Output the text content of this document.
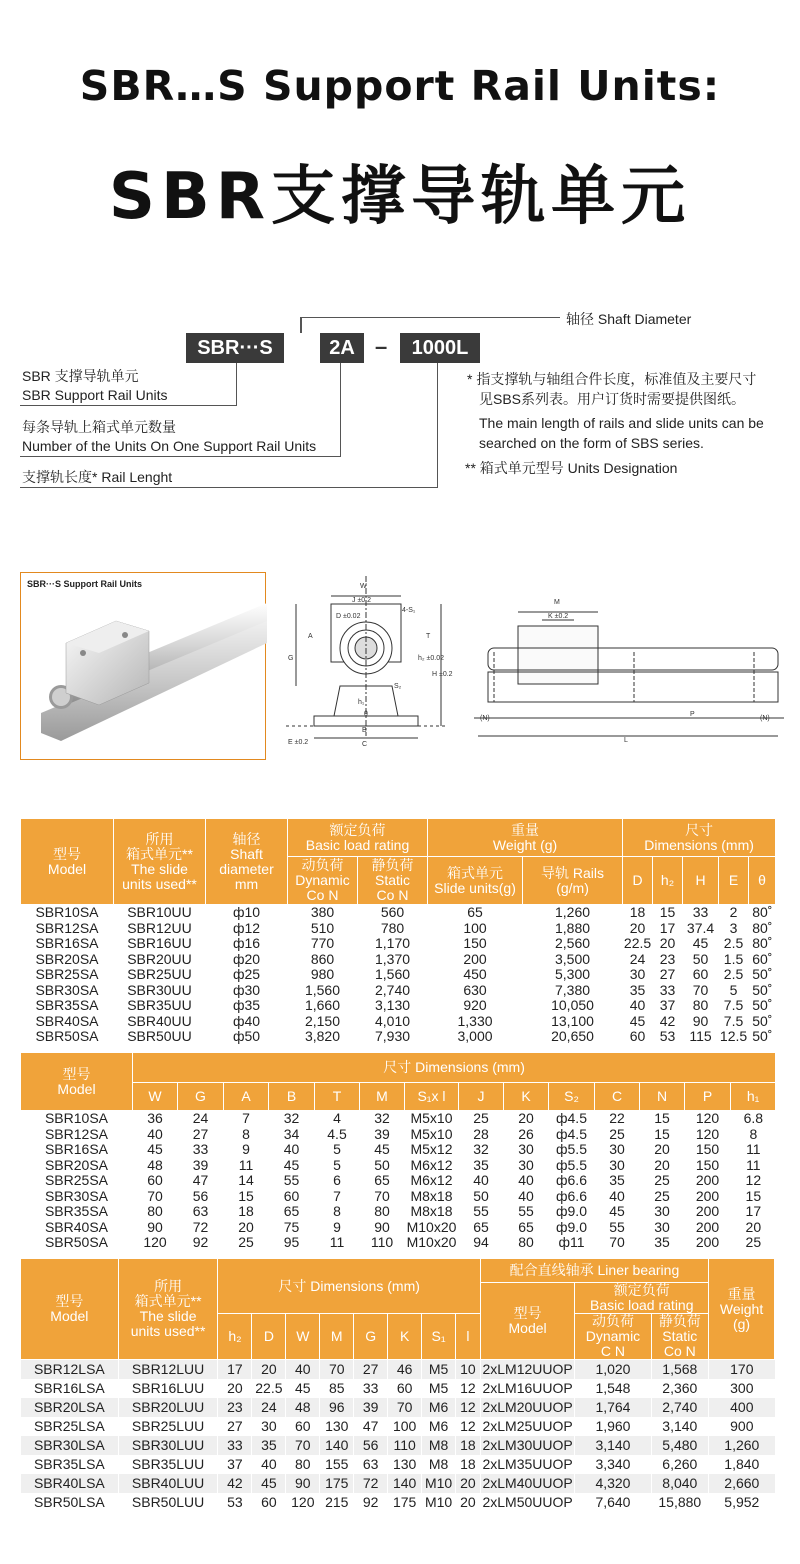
SBR…S Support Rail Units:
SBR支撑导轨单元
SBR···S	2A –	1000L
轴径 Shaft Diameter
SBR 支撑导轨单元
SBR Support Rail Units
每条导轨上箱式单元数量
Number of the Units On One Support Rail Units
支撑轨长度* Rail Lenght
* 指支撑轨与轴组合件长度，标准值及主要尺寸
见SBS系列表。用户订货时需要提供图纸。
The main length of rails and slide units can be
searched on the form of SBS series.
** 箱式单元型号 Units Designation
SBR···S Support Rail Units	W
J ±0.2
D ±0.02
4-S₁
A	T
G	h₂ ±0.02
H ±0.2
S₂
h₁
θ
B
C
E ±0.2
M
K ±0.2
(N)	(N)
P
L
型号
Model	所用
箱式单元**
The slide
units used**	轴径
Shaft
diameter
mm	额定负荷
Basic load rating		重量
Weight (g)		尺寸
Dimensions (mm)				
			动负荷
Dynamic
Co N	静负荷
Static
Co N	箱式单元
Slide units(g)	导轨 Rails
(g/m)	D	h₂	H	E	θ
SBR10SA	SBR10UU	ф10	380	560	65	1,260	18	15	33	2	80˚
SBR12SA	SBR12UU	ф12	510	780	100	1,880	20	17	37.4	3	80˚
SBR16SA	SBR16UU	ф16	770	1,170	150	2,560	22.5	20	45	2.5	80˚
SBR20SA	SBR20UU	ф20	860	1,370	200	3,500	24	23	50	1.5	60˚
SBR25SA	SBR25UU	ф25	980	1,560	450	5,300	30	27	60	2.5	50˚
SBR30SA	SBR30UU	ф30	1,560	2,740	630	7,380	35	33	70	5	50˚
SBR35SA	SBR35UU	ф35	1,660	3,130	920	10,050	40	37	80	7.5	50˚
SBR40SA	SBR40UU	ф40	2,150	4,010	1,330	13,100	45	42	90	7.5	50˚
SBR50SA	SBR50UU	ф50	3,820	7,930	3,000	20,650	60	53	115	12.5	50˚
型号
Model	尺寸 Dimensions (mm)													
	W	G	A	B	T	M	S₁x l	J	K	S₂	C	N	P	h₁
SBR10SA	36	24	7	32	4	32	M5x10	25	20	ф4.5	22	15	120	6.8
SBR12SA	40	27	8	34	4.5	39	M5x10	28	26	ф4.5	25	15	120	8
SBR16SA	45	33	9	40	5	45	M5x12	32	30	ф5.5	30	20	150	11
SBR20SA	48	39	11	45	5	50	M6x12	35	30	ф5.5	30	20	150	11
SBR25SA	60	47	14	55	6	65	M6x12	40	40	ф6.6	35	25	200	12
SBR30SA	70	56	15	60	7	70	M8x18	50	40	ф6.6	40	25	200	15
SBR35SA	80	63	18	65	8	80	M8x18	55	55	ф9.0	45	30	200	17
SBR40SA	90	72	20	75	9	90	M10x20	65	65	ф9.0	55	30	200	20
SBR50SA	120	92	25	95	11	110	M10x20	94	80	ф11	70	35	200	25
型号
Model	所用
箱式单元**
The slide
units used**	尺寸 Dimensions (mm)								配合直线轴承 Liner bearing			重量
Weight
(g)
										型号
Model	额定负荷
Basic load rating		
		h₂	D	W	M	G	K	S₁	l		动负荷
Dynamic
C N	静负荷
Static
Co N	
SBR12LSA	SBR12LUU	17	20	40	70	27	46	M5	10	2xLM12UUOP	1,020	1,568	170
SBR16LSA	SBR16LUU	20	22.5	45	85	33	60	M5	12	2xLM16UUOP	1,548	2,360	300
SBR20LSA	SBR20LUU	23	24	48	96	39	70	M6	12	2xLM20UUOP	1,764	2,740	400
SBR25LSA	SBR25LUU	27	30	60	130	47	100	M6	12	2xLM25UUOP	1,960	3,140	900
SBR30LSA	SBR30LUU	33	35	70	140	56	110	M8	18	2xLM30UUOP	3,140	5,480	1,260
SBR35LSA	SBR35LUU	37	40	80	155	63	130	M8	18	2xLM35UUOP	3,340	6,260	1,840
SBR40LSA	SBR40LUU	42	45	90	175	72	140	M10	20	2xLM40UUOP	4,320	8,040	2,660
SBR50LSA	SBR50LUU	53	60	120	215	92	175	M10	20	2xLM50UUOP	7,640	15,880	5,952
